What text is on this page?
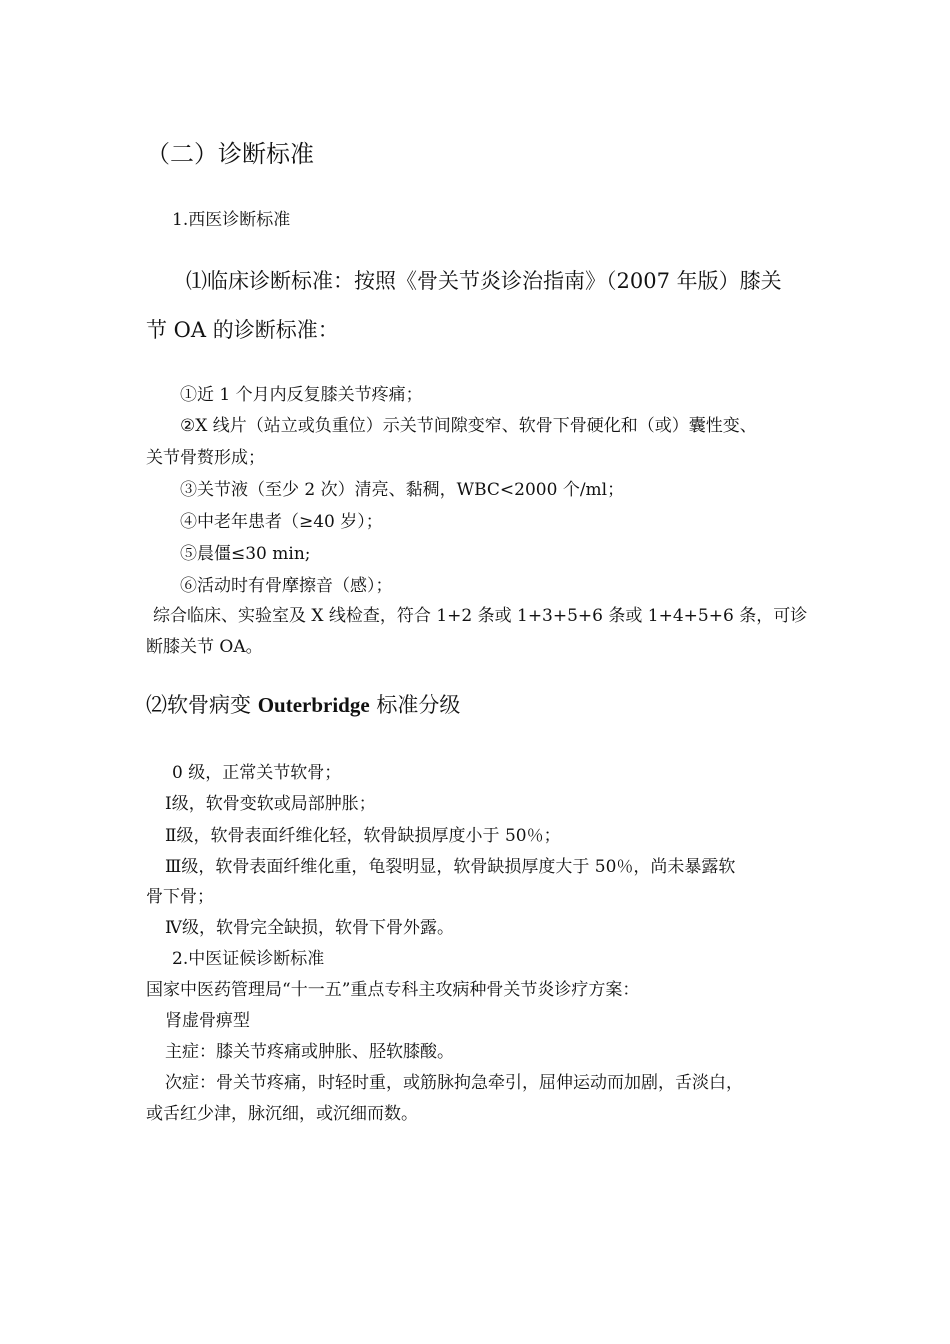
（二）诊断标准
1.西医诊断标准
⑴临床诊断标准：按照《骨关节炎诊治指南》（2007 年版）膝关
节 OA 的诊断标准：
①近 1 个月内反复膝关节疼痛；
②X 线片（站立或负重位）示关节间隙变窄、软骨下骨硬化和（或）囊性变、
关节骨赘形成；
③关节液（至少 2 次）清亮、黏稠，WBC<2000 个/ml；
④中老年患者（≥40 岁）；
⑤晨僵≤30 min;
⑥活动时有骨摩擦音（感）；
综合临床、实验室及 X 线检查，符合 1+2 条或 1+3+5+6 条或 1+4+5+6 条，可诊
断膝关节 OA。
⑵软骨病变 Outerbridge 标准分级
0 级，正常关节软骨；
Ⅰ级，软骨变软或局部肿胀；
Ⅱ级，软骨表面纤维化轻，软骨缺损厚度小于 50％；
Ⅲ级，软骨表面纤维化重，龟裂明显，软骨缺损厚度大于 50％，尚未暴露软
骨下骨；
Ⅳ级，软骨完全缺损，软骨下骨外露。
2.中医证候诊断标准
国家中医药管理局“十一五”重点专科主攻病种骨关节炎诊疗方案：
肾虚骨痹型
主症：膝关节疼痛或肿胀、胫软膝酸。
次症：骨关节疼痛，时轻时重，或筋脉拘急牵引，屈伸运动而加剧，舌淡白，
或舌红少津，脉沉细，或沉细而数。
